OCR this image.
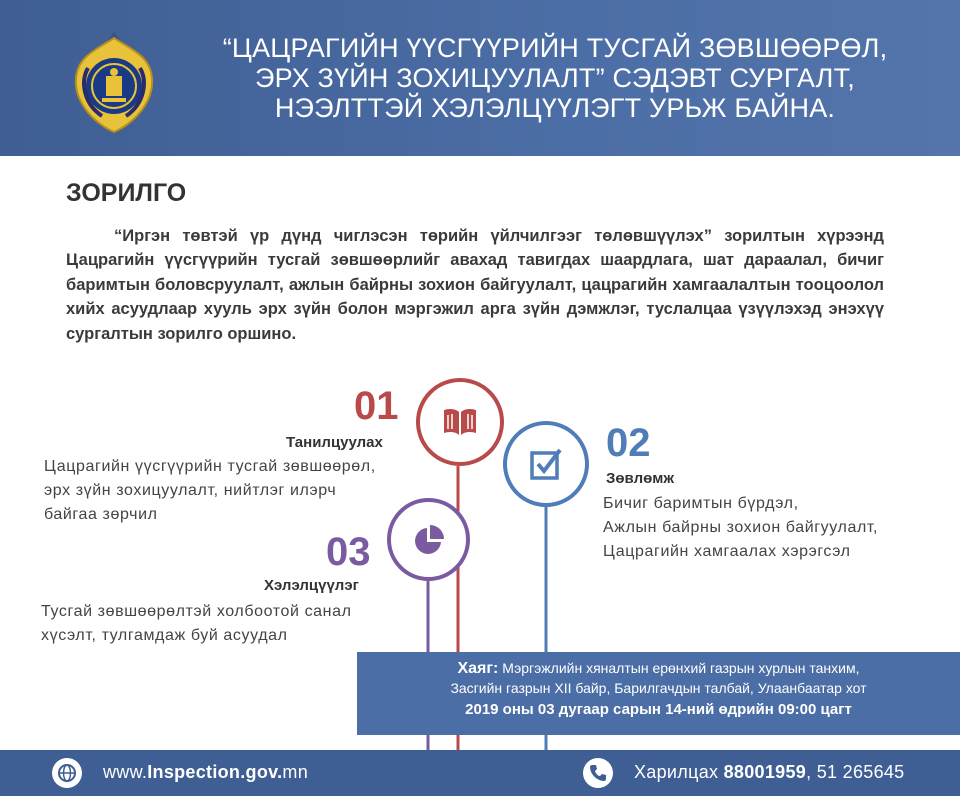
“ЦАЦРАГИЙН ҮҮСГҮҮРИЙН ТУСГАЙ ЗӨВШӨӨРӨЛ,
ЭРХ ЗҮЙН ЗОХИЦУУЛАЛТ” СЭДЭВТ СУРГАЛТ,
НЭЭЛТТЭЙ ХЭЛЭЛЦҮҮЛЭГТ УРЬЖ БАЙНА.
ЗОРИЛГО
“Иргэн төвтэй үр дүнд чиглэсэн төрийн үйлчилгээг төлөвшүүлэх” зорилтын хүрээнд Цацрагийн үүсгүүрийн тусгай зөвшөөрлийг авахад тавигдах шаардлага, шат дараалал, бичиг баримтын боловсруулалт, ажлын байрны зохион байгуулалт, цацрагийн хамгаалалтын тооцоолол хийх асуудлаар хууль эрх зүйн болон мэргэжил арга зүйн дэмжлэг, туслалцаа үзүүлэхэд энэхүү сургалтын зорилго оршино.
01
02
03
Танилцуулах
Зөвлөмж
Хэлэлцүүлэг
Цацрагийн үүсгүүрийн тусгай зөвшөөрөл,
эрх зүйн зохицуулалт, нийтлэг илэрч
байгаа зөрчил
Бичиг баримтын бүрдэл,
Ажлын байрны зохион байгуулалт,
Цацрагийн хамгаалах хэрэгсэл
Тусгай зөвшөөрөлтэй холбоотой санал
хүсэлт, тулгамдаж буй асуудал
Хаяг: Мэргэжлийн хяналтын ерөнхий газрын хурлын танхим,
Засгийн газрын XII байр, Барилгачдын талбай, Улаанбаатар хот
2019 оны 03 дугаар сарын 14-ний өдрийн 09:00 цагт
www.Inspection.gov.mn	Харилцах 88001959, 51 265645
